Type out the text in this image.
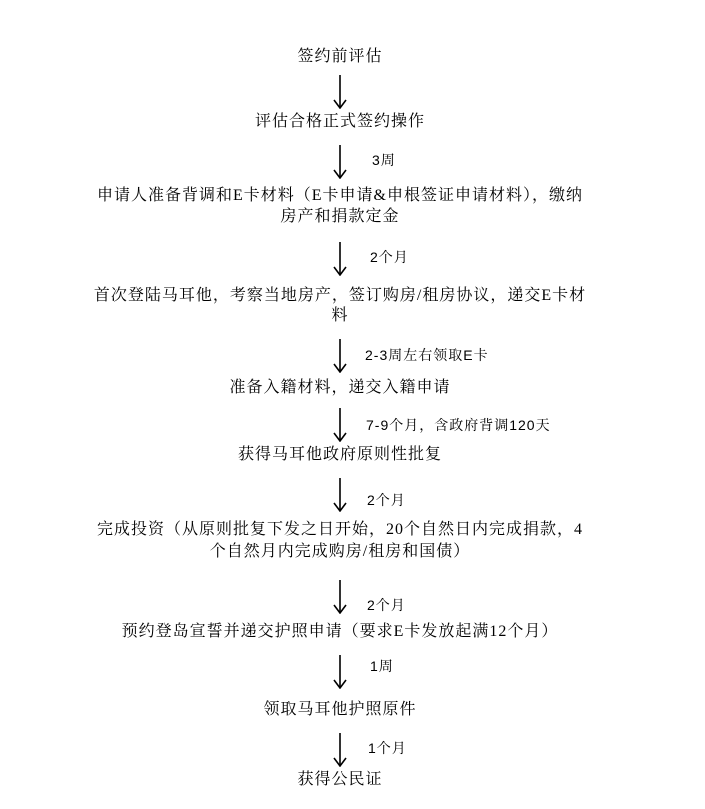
签约前评估
评估合格正式签约操作
3周
申请人准备背调和E卡材料（E卡申请&申根签证申请材料），缴纳
房产和捐款定金
2个月
首次登陆马耳他，考察当地房产，签订购房/租房协议，递交E卡材
料
2-3周左右领取E卡
准备入籍材料，递交入籍申请
7-9个月，含政府背调120天
获得马耳他政府原则性批复
2个月
完成投资（从原则批复下发之日开始，20个自然日内完成捐款，4
个自然月内完成购房/租房和国债）
2个月
预约登岛宣誓并递交护照申请（要求E卡发放起满12个月）
1周
领取马耳他护照原件
1个月
获得公民证
